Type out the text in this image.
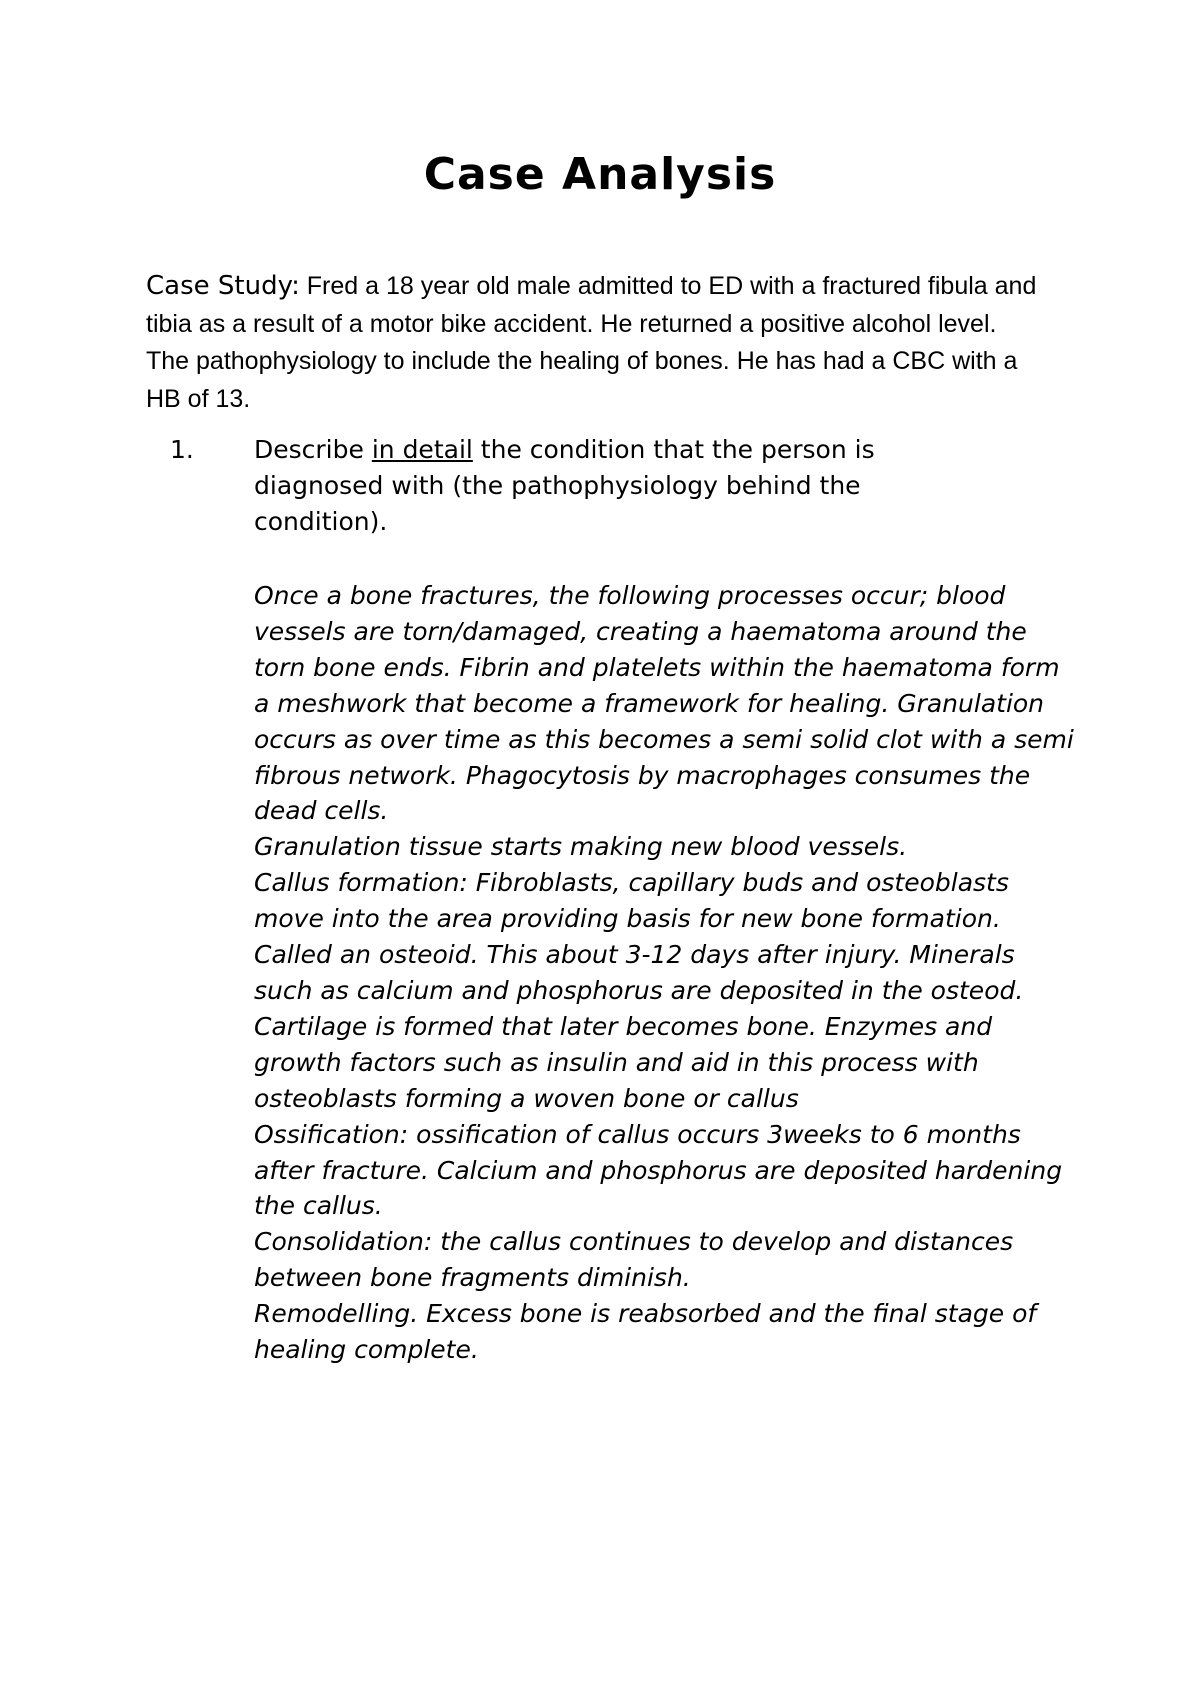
Case Analysis
Case Study: Fred a 18 year old male admitted to ED with a fractured fibula and tibia as a result of a motor bike accident. He returned a positive alcohol level. The pathophysiology to include the healing of bones. He has had a CBC with a HB of 13.
1.	Describe in detail the condition that the person is diagnosed with (the pathophysiology behind the condition).

Once a bone fractures, the following processes occur; blood vessels are torn/damaged, creating a haematoma around the torn bone ends. Fibrin and platelets within the haematoma form a meshwork that become a framework for healing. Granulation occurs as over time as this becomes a semi solid clot with a semi fibrous network. Phagocytosis by macrophages consumes the dead cells.

Granulation tissue starts making new blood vessels.

Callus formation: Fibroblasts, capillary buds and osteoblasts move into the area providing basis for new bone formation. Called an osteoid. This about 3-12 days after injury. Minerals such as calcium and phosphorus are deposited in the osteod. Cartilage is formed that later becomes bone. Enzymes and growth factors such as insulin and aid in this process with osteoblasts forming a woven bone or callus

Ossification: ossification of callus occurs 3weeks to 6 months after fracture. Calcium and phosphorus are deposited hardening the callus.

Consolidation: the callus continues to develop and distances between bone fragments diminish.

Remodelling. Excess bone is reabsorbed and the final stage of healing complete.
